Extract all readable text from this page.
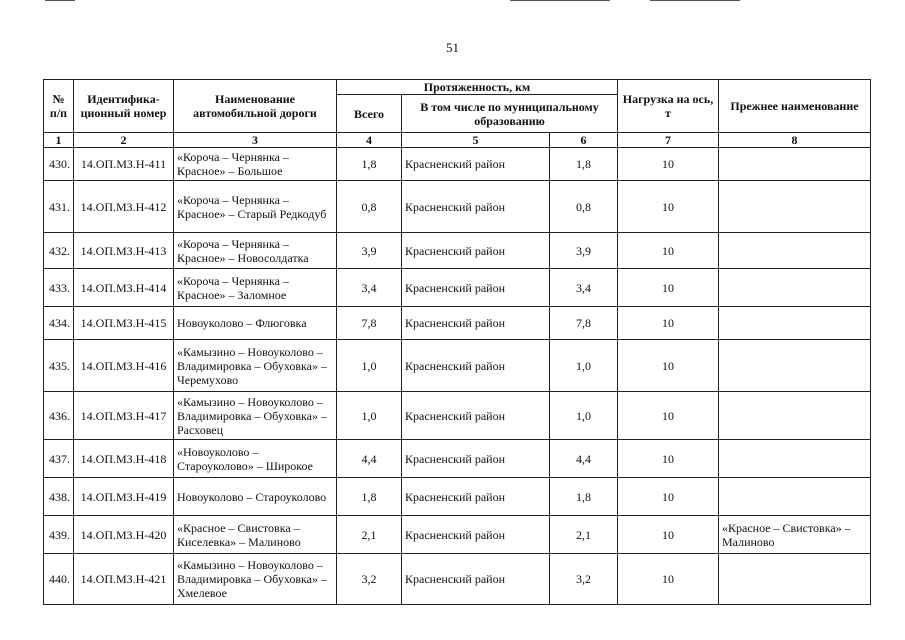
51
№ п/п	Идентифика-ционный номер	Наименование автомобильной дороги	Протяженность, км			Нагрузка на ось, т	Прежнее наименование
			Всего	В том числе по муниципальному образованию			
1	2	3	4	5	6	7	8
430.	14.ОП.МЗ.Н-411	«Короча – Чернянка – Красное» – Большое	1,8	Красненский район	1,8	10	
431.	14.ОП.МЗ.Н-412	«Короча – Чернянка – Красное» – Старый Редкодуб	0,8	Красненский район	0,8	10	
432.	14.ОП.МЗ.Н-413	«Короча – Чернянка – Красное» – Новосолдатка	3,9	Красненский район	3,9	10	
433.	14.ОП.МЗ.Н-414	«Короча – Чернянка – Красное» – Заломное	3,4	Красненский район	3,4	10	
434.	14.ОП.МЗ.Н-415	Новоуколово – Флюговка	7,8	Красненский район	7,8	10	
435.	14.ОП.МЗ.Н-416	«Камызино – Новоуколово – Владимировка – Обуховка» – Черемухово	1,0	Красненский район	1,0	10	
436.	14.ОП.МЗ.Н-417	«Камызино – Новоуколово – Владимировка – Обуховка» – Расховец	1,0	Красненский район	1,0	10	
437.	14.ОП.МЗ.Н-418	«Новоуколово – Староуколово» – Широкое	4,4	Красненский район	4,4	10	
438.	14.ОП.МЗ.Н-419	Новоуколово – Староуколово	1,8	Красненский район	1,8	10	
439.	14.ОП.МЗ.Н-420	«Красное – Свистовка – Киселевка» – Малиново	2,1	Красненский район	2,1	10	«Красное – Свистовка» – Малиново
440.	14.ОП.МЗ.Н-421	«Камызино – Новоуколово – Владимировка – Обуховка» – Хмелевое	3,2	Красненский район	3,2	10	
